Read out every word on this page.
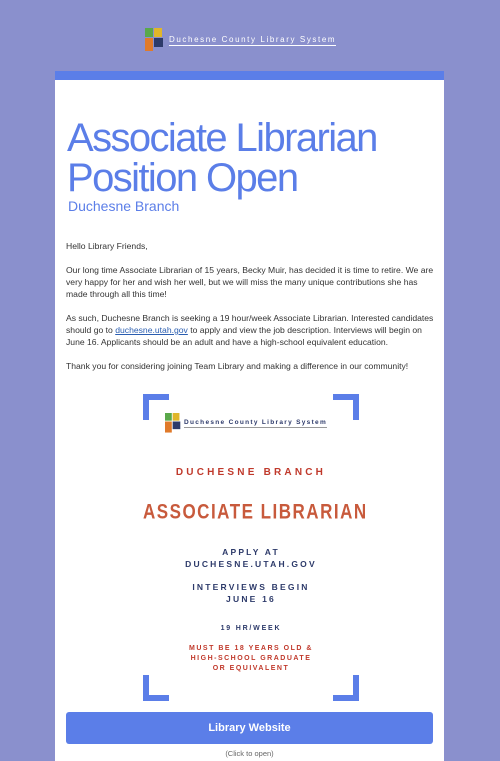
Duchesne County Library System
Associate Librarian Position Open
Duchesne Branch

Hello Library Friends,

Our long time Associate Librarian of 15 years, Becky Muir, has decided it is time to retire. We are very happy for her and wish her well, but we will miss the many unique contributions she has made through all this time!

As such, Duchesne Branch is seeking a 19 hour/week Associate Librarian. Interested candidates should go to duchesne.utah.gov to apply and view the job description. Interviews will begin on June 16. Applicants should be an adult and have a high-school equivalent education.

Thank you for considering joining Team Library and making a difference in our community!

Duchesne County Library System
DUCHESNE BRANCH
ASSOCIATE LIBRARIAN
APPLY AT
DUCHESNE.UTAH.GOV
INTERVIEWS BEGIN
JUNE 16
19 HR/WEEK
MUST BE 18 YEARS OLD &
HIGH-SCHOOL GRADUATE
OR EQUIVALENT
Library Website
(Click to open)
